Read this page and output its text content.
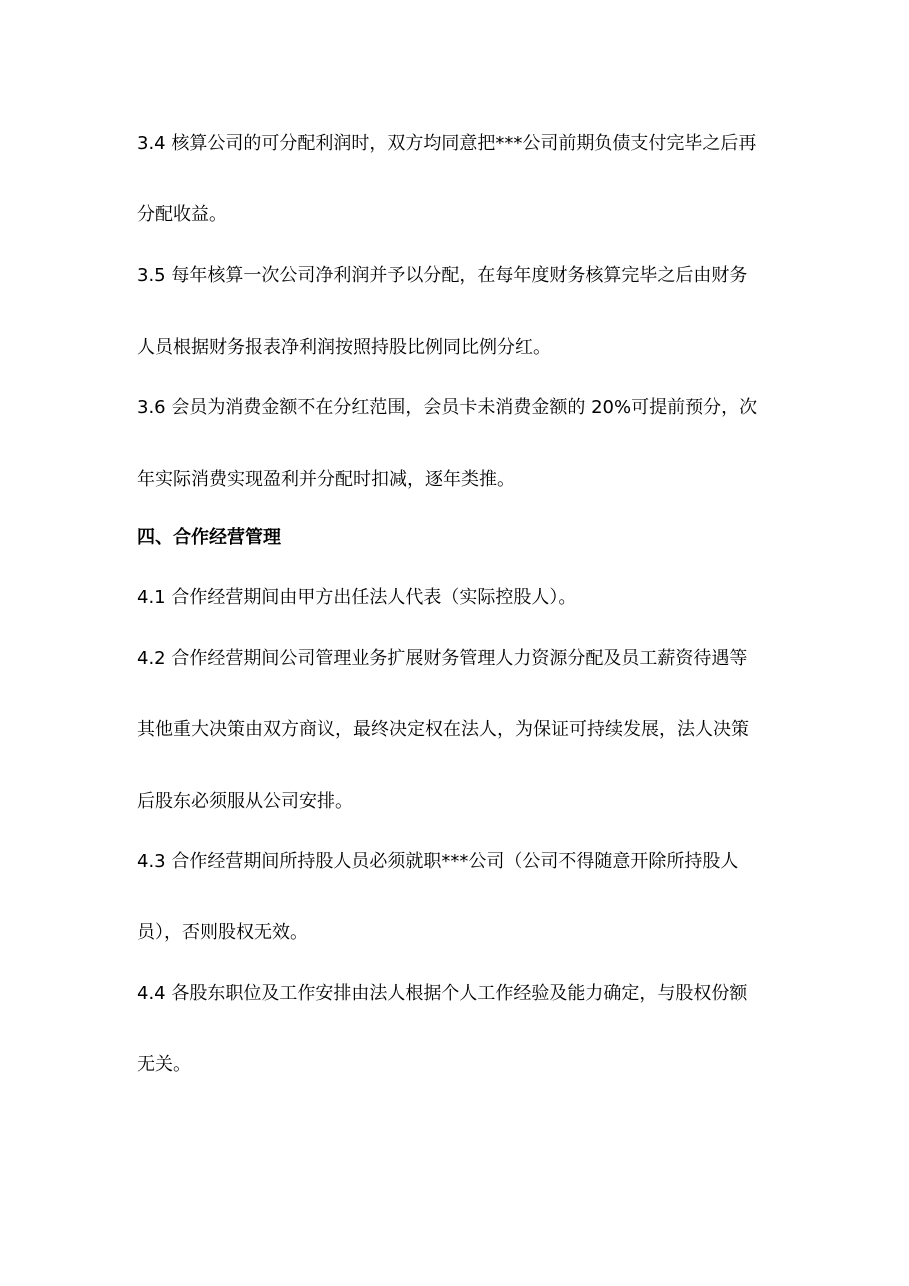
3.4 核算公司的可分配利润时，双方均同意把***公司前期负债支付完毕之后再
分配收益。
3.5 每年核算一次公司净利润并予以分配，在每年度财务核算完毕之后由财务
人员根据财务报表净利润按照持股比例同比例分红。
3.6 会员为消费金额不在分红范围，会员卡未消费金额的 20%可提前预分，次
年实际消费实现盈利并分配时扣减，逐年类推。
四、合作经营管理
4.1 合作经营期间由甲方出任法人代表（实际控股人）。
4.2 合作经营期间公司管理业务扩展财务管理人力资源分配及员工薪资待遇等
其他重大决策由双方商议，最终决定权在法人，为保证可持续发展，法人决策
后股东必须服从公司安排。
4.3 合作经营期间所持股人员必须就职***公司（公司不得随意开除所持股人
员），否则股权无效。
4.4 各股东职位及工作安排由法人根据个人工作经验及能力确定，与股权份额
无关。
